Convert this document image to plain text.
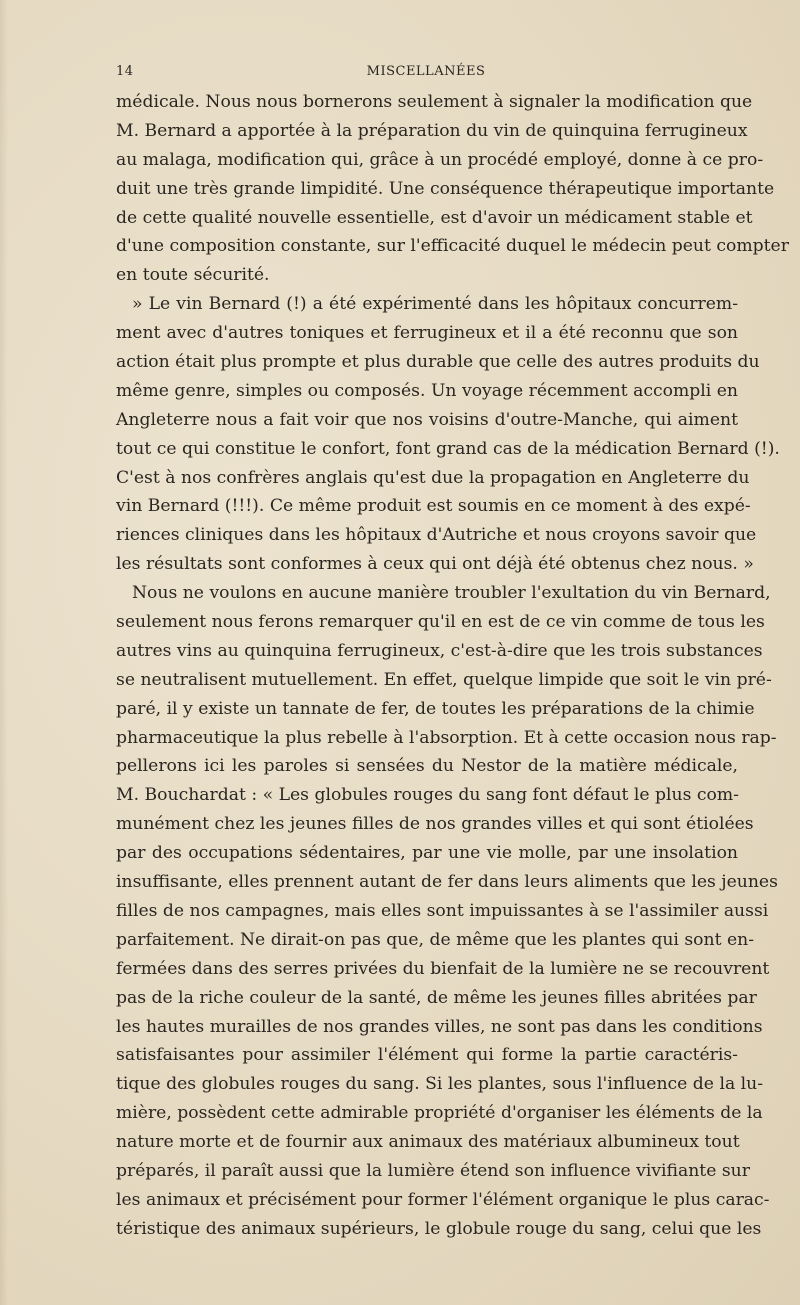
14	MISCELLANÉES
médicale. Nous nous bornerons seulement à signaler la modification que
M. Bernard a apportée à la préparation du vin de quinquina ferrugineux
au malaga, modification qui, grâce à un procédé employé, donne à ce pro-
duit une très grande limpidité. Une conséquence thérapeutique importante
de cette qualité nouvelle essentielle, est d'avoir un médicament stable et
d'une composition constante, sur l'efficacité duquel le médecin peut compter
en toute sécurité.
» Le vin Bernard (!) a été expérimenté dans les hôpitaux concurrem-
ment avec d'autres toniques et ferrugineux et il a été reconnu que son
action était plus prompte et plus durable que celle des autres produits du
même genre, simples ou composés. Un voyage récemment accompli en
Angleterre nous a fait voir que nos voisins d'outre-Manche, qui aiment
tout ce qui constitue le confort, font grand cas de la médication Bernard (!).
C'est à nos confrères anglais qu'est due la propagation en Angleterre du
vin Bernard (!!!). Ce même produit est soumis en ce moment à des expé-
riences cliniques dans les hôpitaux d'Autriche et nous croyons savoir que
les résultats sont conformes à ceux qui ont déjà été obtenus chez nous. »
Nous ne voulons en aucune manière troubler l'exultation du vin Bernard,
seulement nous ferons remarquer qu'il en est de ce vin comme de tous les
autres vins au quinquina ferrugineux, c'est-à-dire que les trois substances
se neutralisent mutuellement. En effet, quelque limpide que soit le vin pré-
paré, il y existe un tannate de fer, de toutes les préparations de la chimie
pharmaceutique la plus rebelle à l'absorption. Et à cette occasion nous rap-
pellerons ici les paroles si sensées du Nestor de la matière médicale,
M. Bouchardat : « Les globules rouges du sang font défaut le plus com-
munément chez les jeunes filles de nos grandes villes et qui sont étiolées
par des occupations sédentaires, par une vie molle, par une insolation
insuffisante, elles prennent autant de fer dans leurs aliments que les jeunes
filles de nos campagnes, mais elles sont impuissantes à se l'assimiler aussi
parfaitement. Ne dirait-on pas que, de même que les plantes qui sont en-
fermées dans des serres privées du bienfait de la lumière ne se recouvrent
pas de la riche couleur de la santé, de même les jeunes filles abritées par
les hautes murailles de nos grandes villes, ne sont pas dans les conditions
satisfaisantes pour assimiler l'élément qui forme la partie caractéris-
tique des globules rouges du sang. Si les plantes, sous l'influence de la lu-
mière, possèdent cette admirable propriété d'organiser les éléments de la
nature morte et de fournir aux animaux des matériaux albumineux tout
préparés, il paraît aussi que la lumière étend son influence vivifiante sur
les animaux et précisément pour former l'élément organique le plus carac-
téristique des animaux supérieurs, le globule rouge du sang, celui que les
